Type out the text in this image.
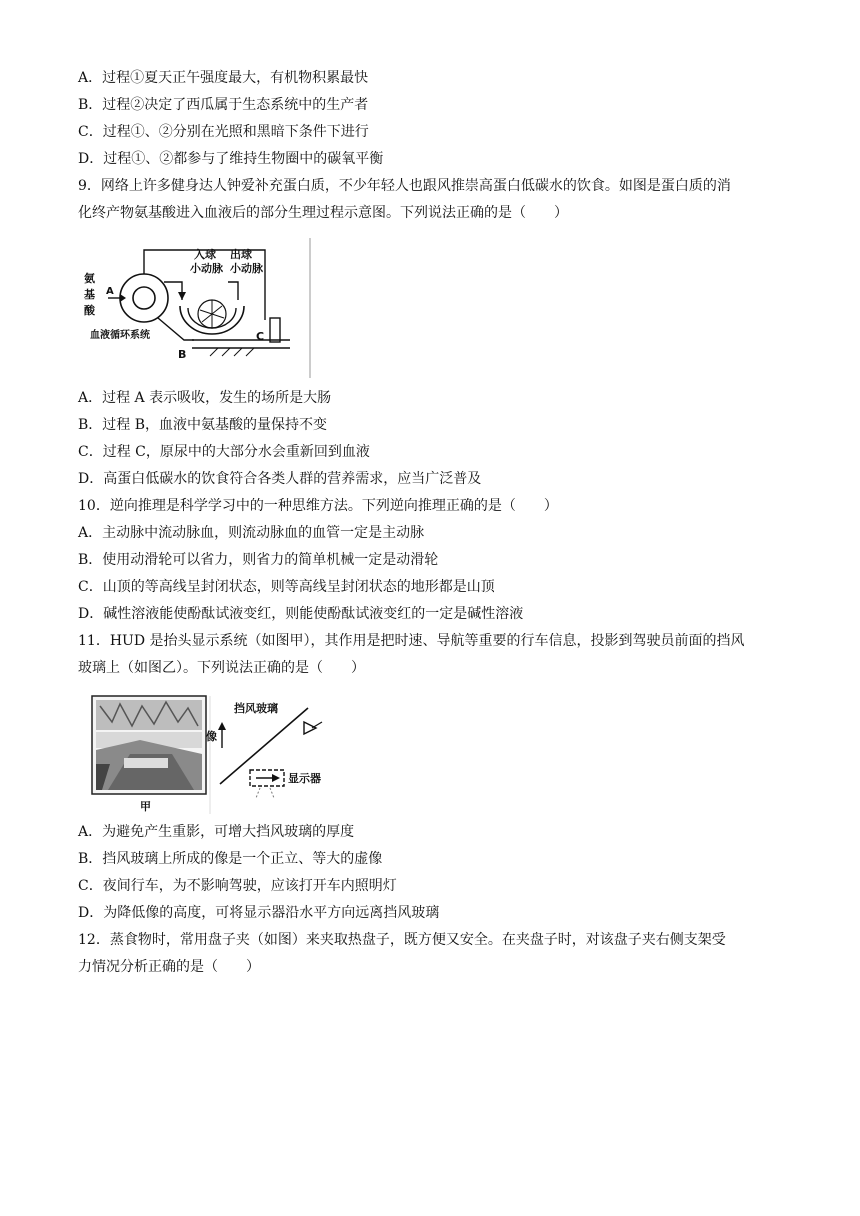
A．过程①夏天正午强度最大，有机物积累最快
B．过程②决定了西瓜属于生态系统中的生产者
C．过程①、②分别在光照和黑暗下条件下进行
D．过程①、②都参与了维持生物圈中的碳氧平衡
9．网络上许多健身达人钟爱补充蛋白质，不少年轻人也跟风推崇高蛋白低碳水的饮食。如图是蛋白质的消
化终产物氨基酸进入血液后的部分生理过程示意图。下列说法正确的是（　　）
入球
小动脉
出球
小动脉
氨
基
酸
A
B
C
血液循环系统
A．过程 A 表示吸收，发生的场所是大肠
B．过程 B，血液中氨基酸的量保持不变
C．过程 C，原尿中的大部分水会重新回到血液
D．高蛋白低碳水的饮食符合各类人群的营养需求，应当广泛普及
10．逆向推理是科学学习中的一种思维方法。下列逆向推理正确的是（　　）
A．主动脉中流动脉血，则流动脉血的血管一定是主动脉
B．使用动滑轮可以省力，则省力的简单机械一定是动滑轮
C．山顶的等高线呈封闭状态，则等高线呈封闭状态的地形都是山顶
D．碱性溶液能使酚酞试液变红，则能使酚酞试液变红的一定是碱性溶液
11．HUD 是抬头显示系统（如图甲），其作用是把时速、导航等重要的行车信息，投影到驾驶员前面的挡风
玻璃上（如图乙）。下列说法正确的是（　　）
甲
挡风玻璃
像
显示器
A．为避免产生重影，可增大挡风玻璃的厚度
B．挡风玻璃上所成的像是一个正立、等大的虚像
C．夜间行车，为不影响驾驶，应该打开车内照明灯
D．为降低像的高度，可将显示器沿水平方向远离挡风玻璃
12．蒸食物时，常用盘子夹（如图）来夹取热盘子，既方便又安全。在夹盘子时，对该盘子夹右侧支架受
力情况分析正确的是（　　）
